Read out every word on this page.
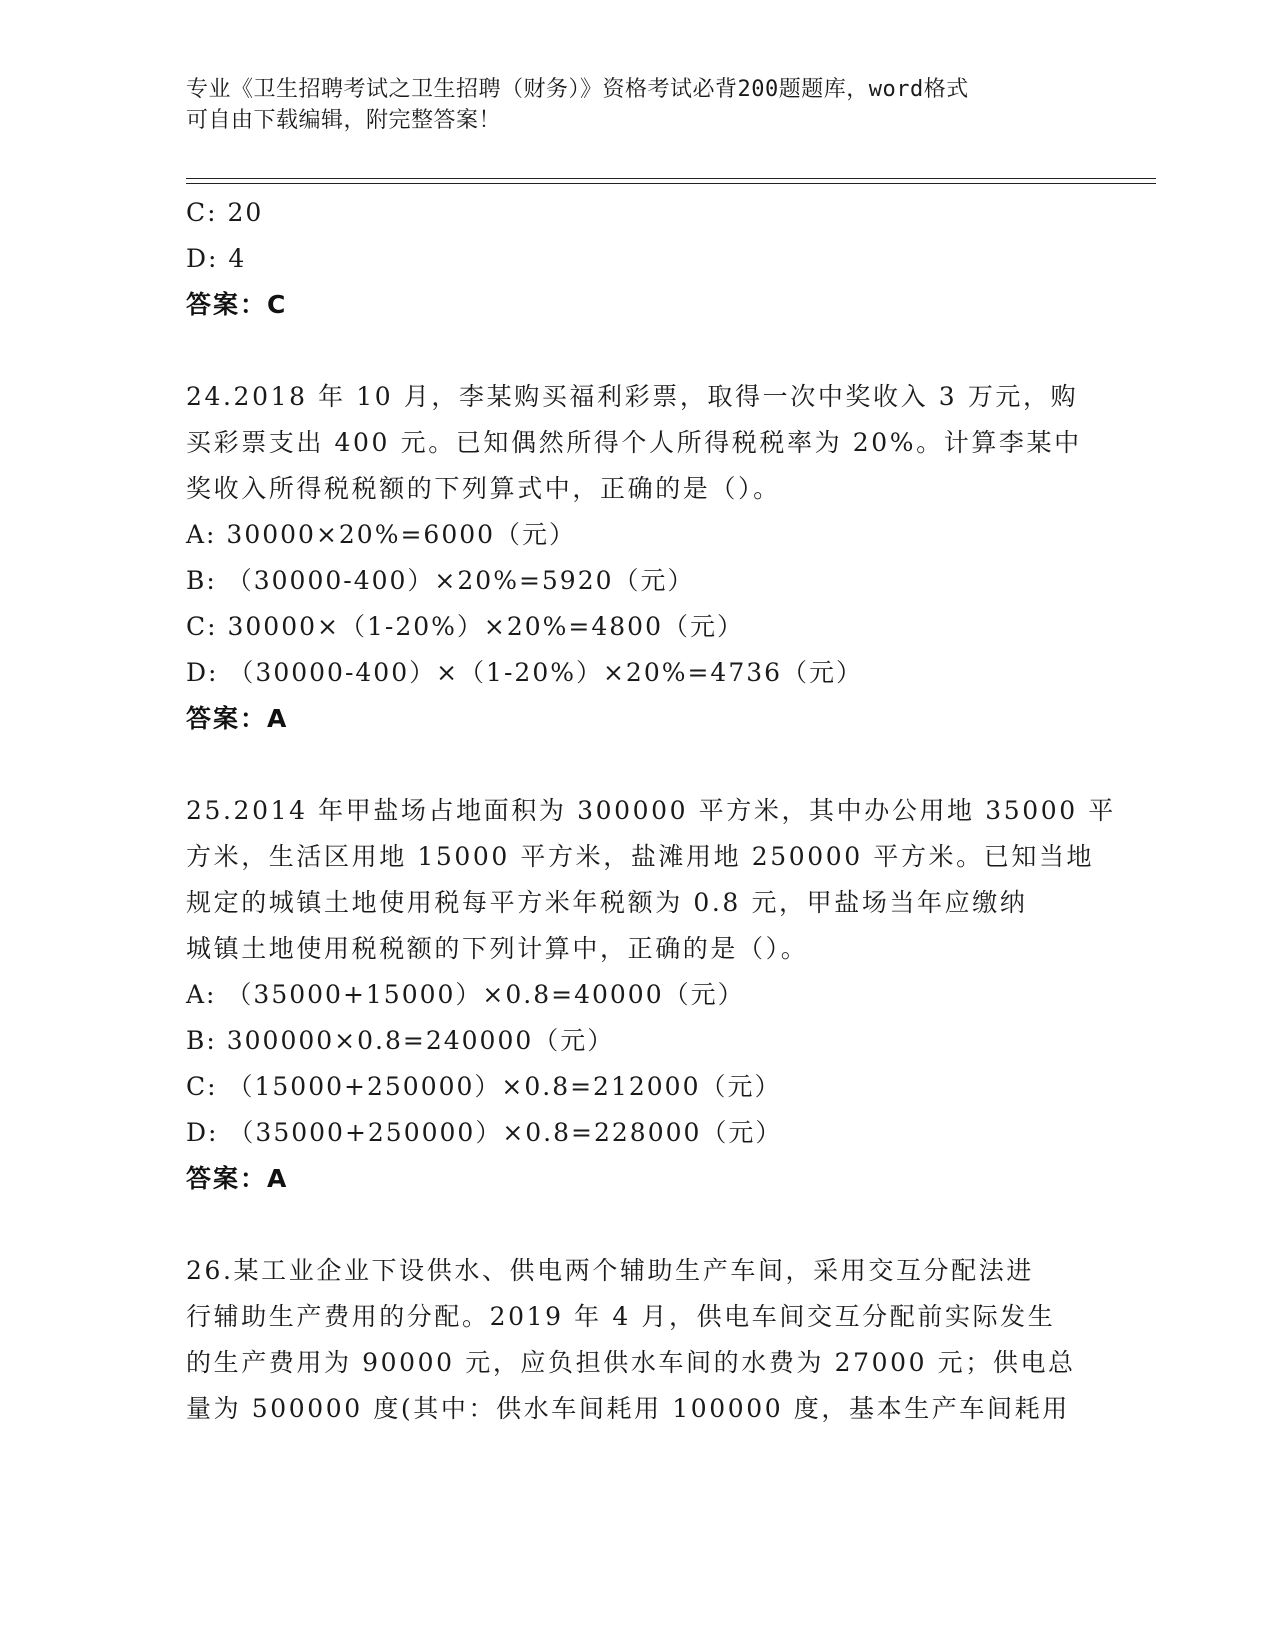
专业《卫生招聘考试之卫生招聘（财务）》资格考试必背200题题库，word格式
可自由下载编辑，附完整答案！
C: 20
D: 4
答案：C
24.2018 年 10 月，李某购买福利彩票，取得一次中奖收入 3 万元，购
买彩票支出 400 元。已知偶然所得个人所得税税率为 20%。计算李某中
奖收入所得税税额的下列算式中，正确的是（）。
A: 30000×20%=6000（元）
B: （30000-400）×20%=5920（元）
C: 30000×（1-20%）×20%=4800（元）
D: （30000-400）×（1-20%）×20%=4736（元）
答案：A
25.2014 年甲盐场占地面积为 300000 平方米，其中办公用地 35000 平
方米，生活区用地 15000 平方米，盐滩用地 250000 平方米。已知当地
规定的城镇土地使用税每平方米年税额为 0.8 元，甲盐场当年应缴纳
城镇土地使用税税额的下列计算中，正确的是（）。
A: （35000+15000）×0.8=40000（元）
B: 300000×0.8=240000（元）
C: （15000+250000）×0.8=212000（元）
D: （35000+250000）×0.8=228000（元）
答案：A
26.某工业企业下设供水、供电两个辅助生产车间，采用交互分配法进
行辅助生产费用的分配。2019 年 4 月，供电车间交互分配前实际发生
的生产费用为 90000 元，应负担供水车间的水费为 27000 元；供电总
量为 500000 度(其中：供水车间耗用 100000 度，基本生产车间耗用
